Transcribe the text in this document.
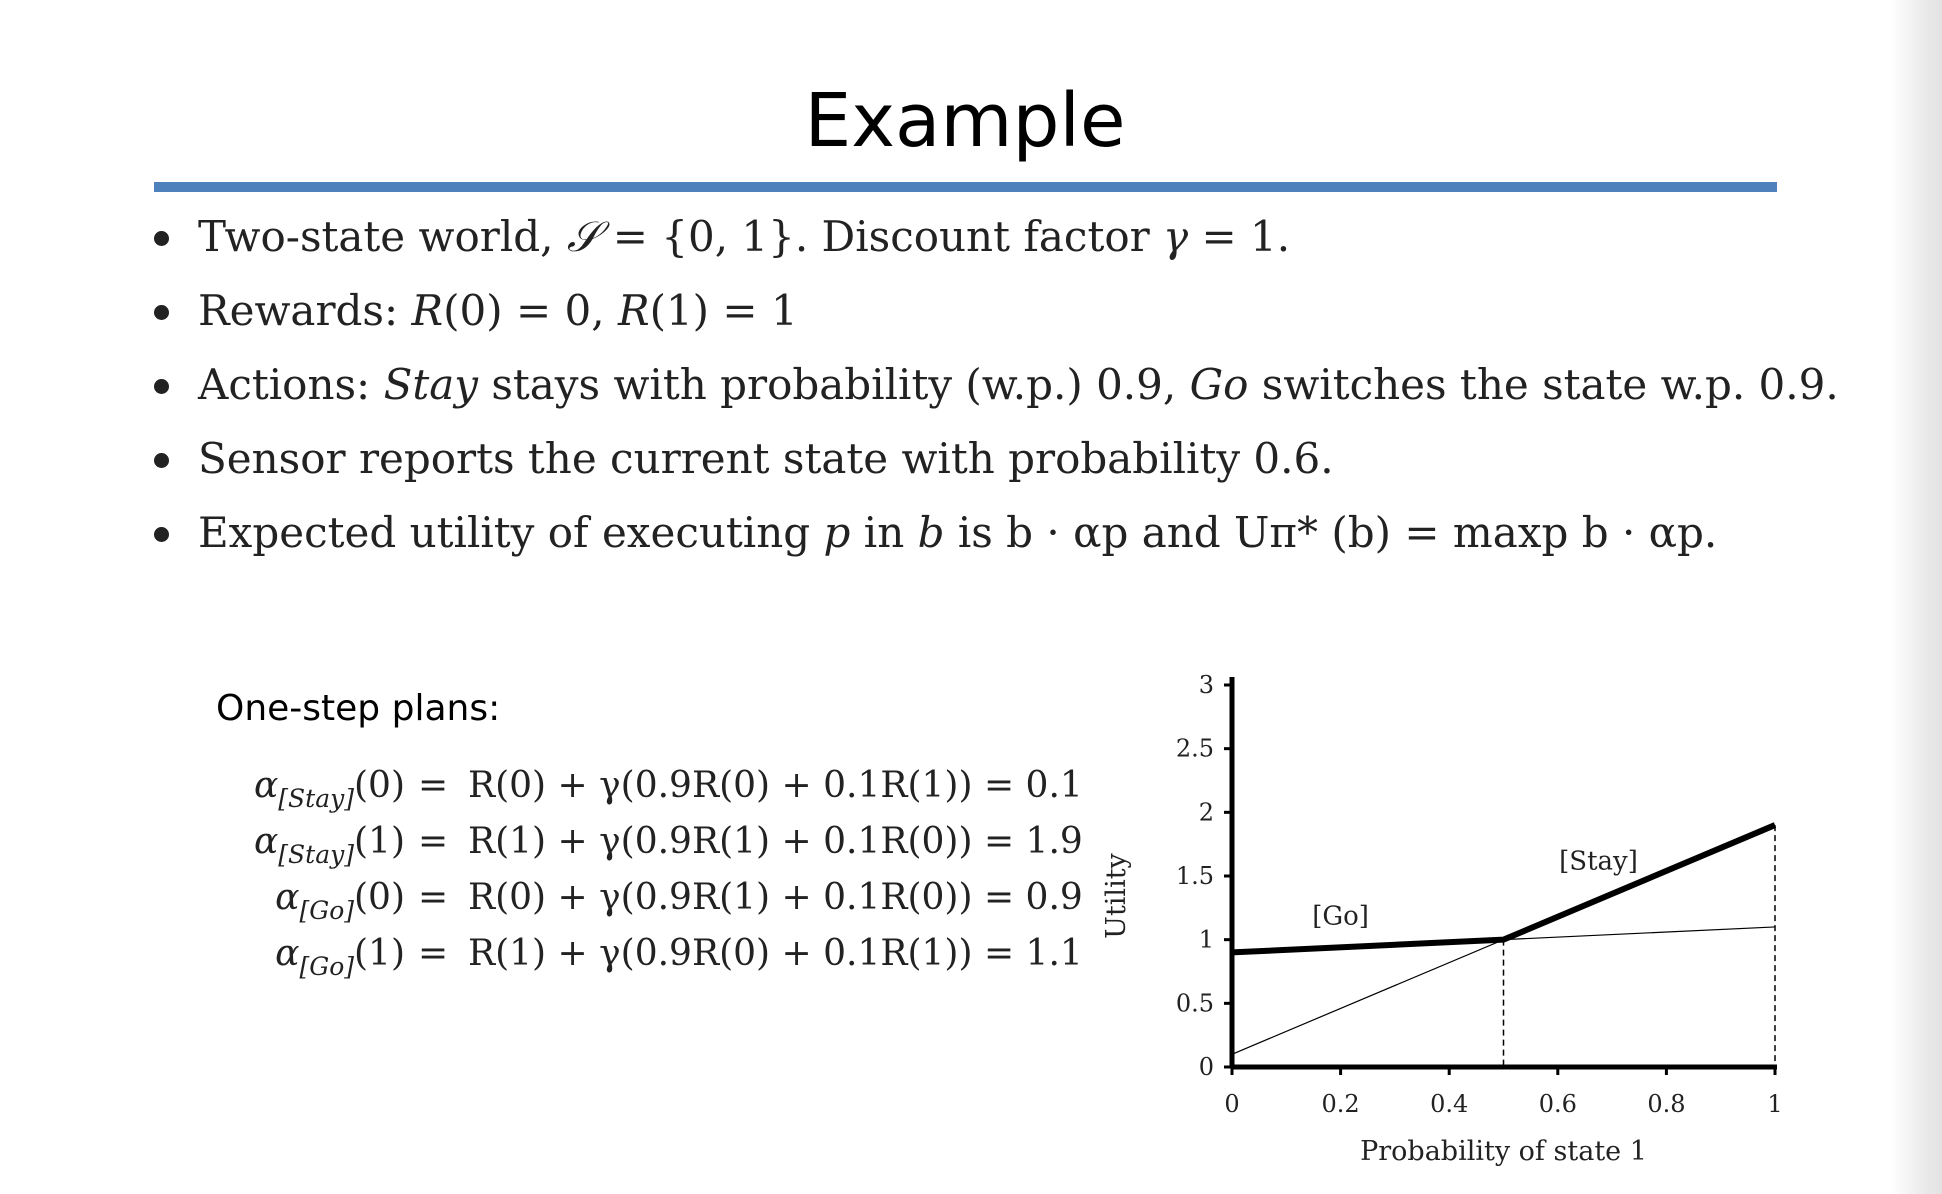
Example
Two-state world, 𝒮 = {0, 1}. Discount factor γ = 1.
Rewards: R(0) = 0, R(1) = 1
Actions: Stay stays with probability (w.p.) 0.9, Go switches the state w.p. 0.9.
Sensor reports the current state with probability 0.6.
Expected utility of executing p in b is b · αp and Uπ* (b) = maxp b · αp.
One-step plans:
$\alpha_{[Stay]}(0) = R(0) + \gamma(0.9R(0) + 0.1R(1)) = 0.1$
$\alpha_{[Stay]}(1) = R(1) + \gamma(0.9R(1) + 0.1R(0)) = 1.9$
$\alpha_{[Go]}(0) = R(0) + \gamma(0.9R(1) + 0.1R(0)) = 0.9$
$\alpha_{[Go]}(1) = R(1) + \gamma(0.9R(0) + 0.1R(1)) = 1.1$
0
0.5
1
1.5
2
2.5
3
0	0.2	0.4	0.6	0.8	1
[Go]
[Stay]
Probability of state 1
Utility
